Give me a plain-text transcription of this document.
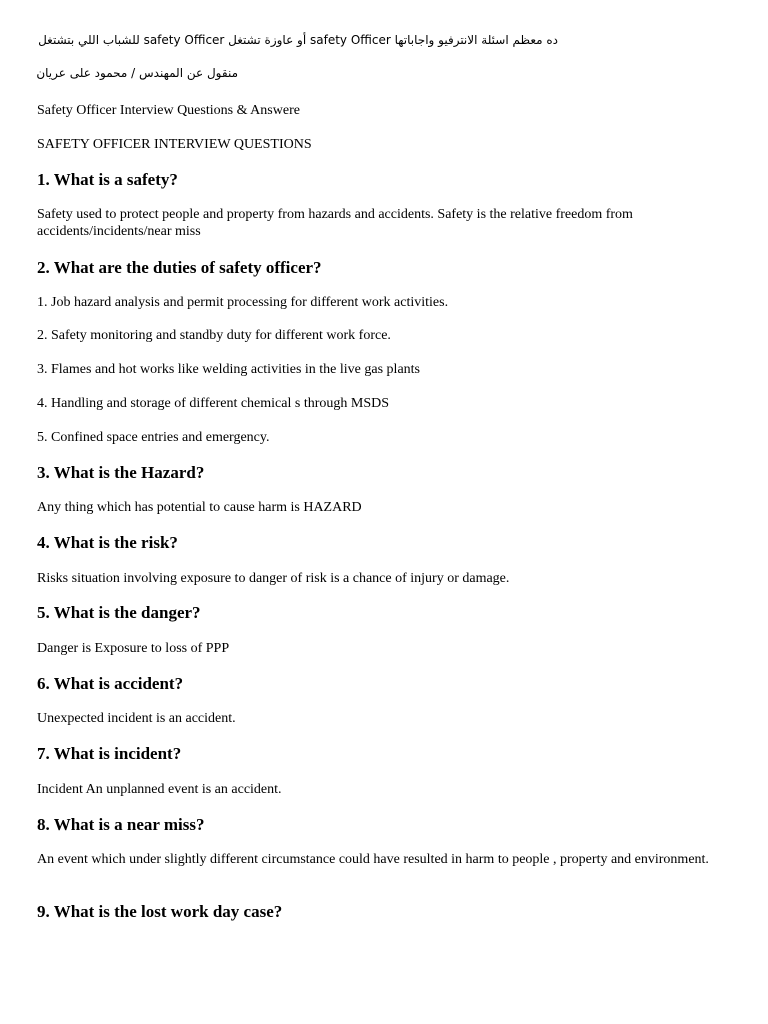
ده معظم اسئلة الانترفيو واجاباتها safety Officer أو عاوزة تشتغل safety Officer للشباب اللي بتشتغل
منقول عن المهندس / محمود على عريان
Safety Officer Interview Questions & Answere
SAFETY OFFICER INTERVIEW QUESTIONS
1. What is a safety?
Safety used to protect people and property from hazards and accidents. Safety is the relative freedom from accidents/incidents/near miss
2. What are the duties of safety officer?
1. Job hazard analysis and permit processing for different work activities.
2. Safety monitoring and standby duty for different work force.
3. Flames and hot works like welding activities in the live gas plants
4. Handling and storage of different chemical s through MSDS
5. Confined space entries and emergency.
3. What is the Hazard?
Any thing which has potential to cause harm is HAZARD
4. What is the risk?
Risks situation involving exposure to danger of risk is a chance of injury or damage.
5. What is the danger?
Danger is Exposure to loss of PPP
6. What is accident?
Unexpected incident is an accident.
7. What is incident?
Incident An unplanned event is an accident.
8. What is a near miss?
An event which under slightly different circumstance could have resulted in harm to people , property and environment.
9. What is the lost work day case?
